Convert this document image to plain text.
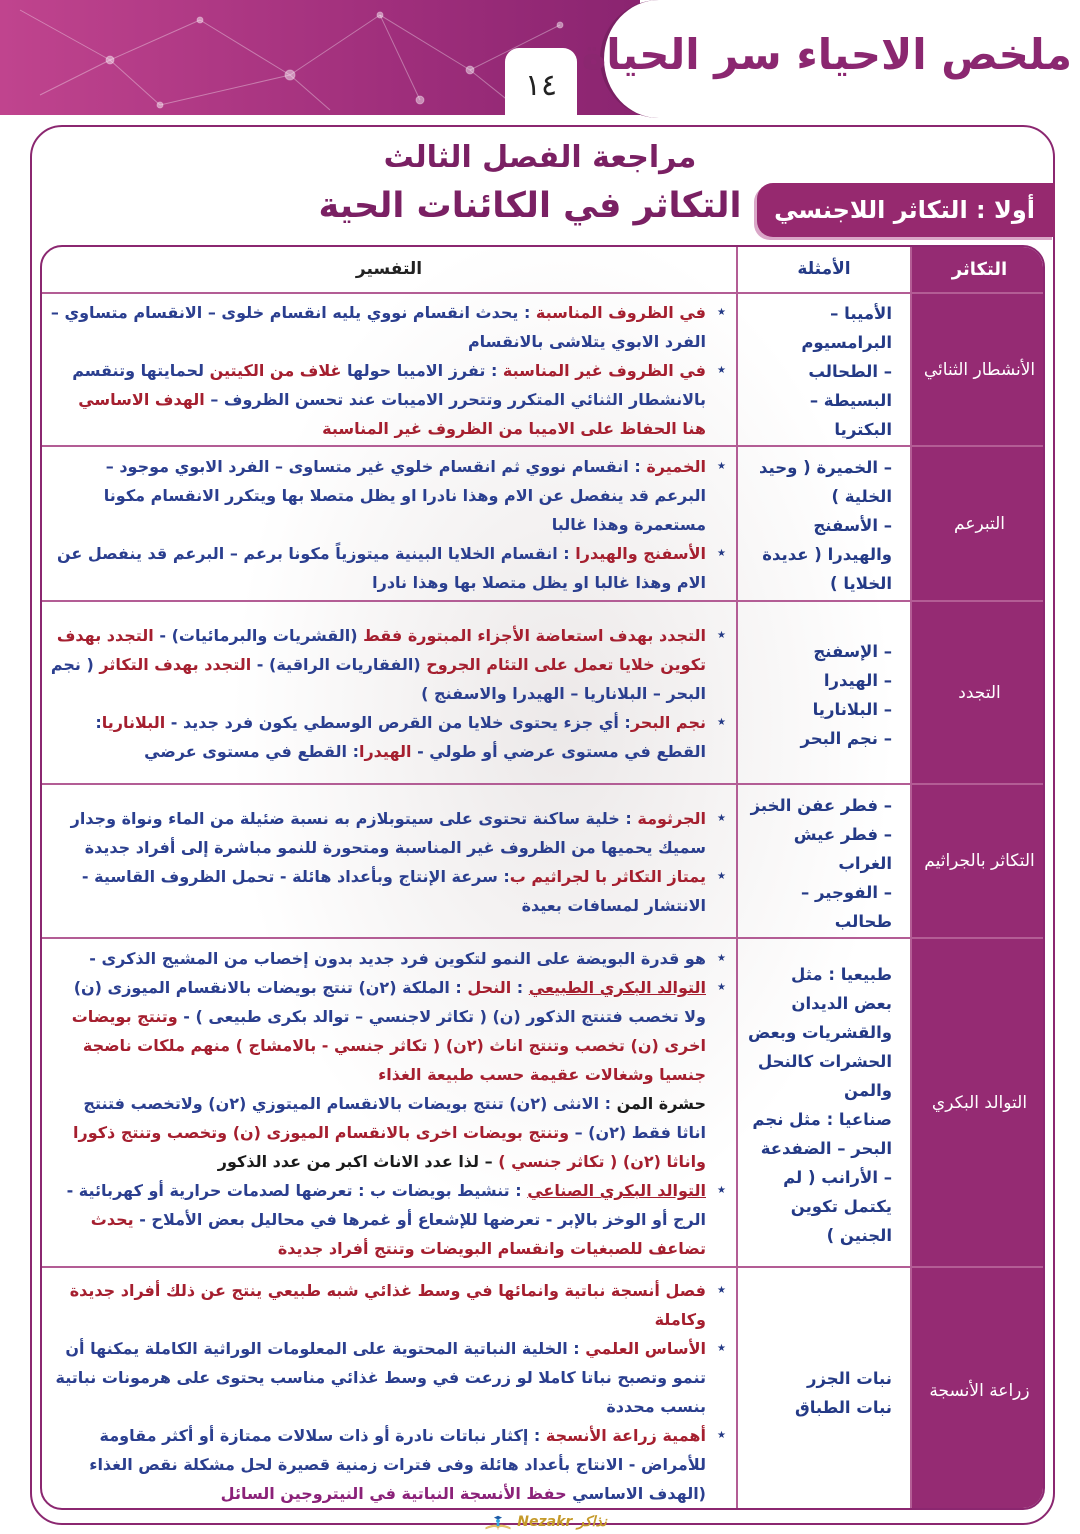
ملخص الاحياء سر الحياة
١٤
مراجعة الفصل الثالث
التكاثر في الكائنات الحية	أولا : التكاثر اللاجنسي
التكاثر
الأمثلة
التفسير
الأنشطار الثنائي
الأميبا –
البرامسيوم
– الطحالب
البسيطة –
البكتريا
★ في الظروف المناسبة : يحدث انقسام نووي يليه انقسام خلوى – الانقسام متساوي – الفرد الابوي يتلاشى بالانقسام
★ في الظروف غير المناسبة : تفرز الاميبا حولها غلاف من الكيتين لحمايتها وتنقسم بالانشطار الثنائي المتكرر وتتحرر الاميبات عند تحسن الظروف – الهدف الاساسي هنا الحفاظ على الاميبا من الظروف غير المناسبة
التبرعم
– الخميرة ( وحيد
الخلية )
– الأسفنج
والهيدرا ( عديدة
الخلايا )
★ الخميرة : انقسام نووي ثم انقسام خلوي غير متساوى – الفرد الابوي موجود – البرعم قد ينفصل عن الام وهذا نادرا او يظل متصلا بها ويتكرر الانقسام مكونا مستعمرة وهذا غالبا
★ الأسفنج والهيدرا : انقسام الخلايا البينية ميتوزياً مكونا برعم – البرعم قد ينفصل عن الام وهذا غالبا او يظل متصلا بها وهذا نادرا
التجدد
– الإسفنج
– الهيدرا
– البلاناريا
– نجم البحر
★ التجدد بهدف استعاضة الأجزاء المبتورة فقط (القشريات والبرمائيات) - التجدد بهدف تكوين خلايا تعمل على التئام الجروح (الفقاريات الراقية) - التجدد بهدف التكاثر ( نجم البحر – البلاناريا – الهيدرا والاسفنج )
★ نجم البحر: أي جزء يحتوى خلايا من القرص الوسطي يكون فرد جديد - البلاناريا: القطع في مستوى عرضي أو طولي - الهيدرا: القطع في مستوى عرضي
التكاثر بالجراثيم
– فطر عفن الخبز
– فطر عيش
الغراب
– الفوجير –
طحالب
★ الجرثومة : خلية ساكنة تحتوى على سيتوبلازم به نسبة ضئيلة من الماء ونواة وجدار سميك يحميها من الظروف غير المناسبة ومتحورة للنمو مباشرة إلى أفراد جديدة
★ يمتاز التكاثر با لجراثيم ب: سرعة الإنتاج وبأعداد هائلة - تحمل الظروف القاسية - الانتشار لمسافات بعيدة
التوالد البكري
طبيعيا : مثل
بعض الديدان
والقشريات وبعض
الحشرات كالنحل
والمن
صناعيا : مثل نجم
البحر – الضفدعة
– الأرانب ( لم
يكتمل تكوين
الجنين )
★ هو قدرة البويضة على النمو لتكوين فرد جديد بدون إخصاب من المشيج الذكرى -
★ التوالد البكري الطبيعي : النحل : الملكة (٢ن) تنتج بويضات بالانقسام الميوزى (ن) ولا تخصب فتنتج الذكور (ن) ( تكاثر لاجنسي – توالد بكرى طبيعى ) - وتنتج بويضات اخرى (ن) تخصب وتنتج اناث (٢ن) ( تكاثر جنسي - بالامشاج ) منهم ملكات ناضجة جنسيا وشغالات عقيمة حسب طبيعة الغذاء
حشرة المن : الانثى (٢ن) تنتج بويضات بالانقسام الميتوزي (٢ن) ولاتخصب فتنتج اناثا فقط (٢ن) – وتنتج بويضات اخرى بالانقسام الميوزى (ن) وتخصب وتنتج ذكورا واناثا (٢ن) ( تكاثر جنسي ) – لذا عدد الاناث اكبر من عدد الذكور
★ التوالد البكري الصناعي : تنشيط بويضات ب : تعرضها لصدمات حرارية أو كهربائية - الرج أو الوخز بالإبر - تعرضها للإشعاع أو غمرها في محاليل بعض الأملاح - يحدث تضاعف للصبغيات وانقسام البويضات وتنتج أفراد جديدة
زراعة الأنسجة
نبات الجزر
نبات الطباق
★ فصل أنسجة نباتية وانمائها في وسط غذائي شبه طبيعي ينتج عن ذلك أفراد جديدة وكاملة
★ الأساس العلمي : الخلية النباتية المحتوية على المعلومات الوراثية الكاملة يمكنها أن تنمو وتصبح نباتا كاملا لو زرعت في وسط غذائي مناسب يحتوى على هرمونات نباتية بنسب محددة
★ أهمية زراعة الأنسجة : إكثار نباتات نادرة أو ذات سلالات ممتازة أو أكثر مقاومة للأمراض - الانتاج بأعداد هائلة وفى فترات زمنية قصيرة لحل مشكلة نقص الغذاء (الهدف الاساسي حفظ الأنسجة النباتية في النيتروجين السائل
Nezakr نذاكر
